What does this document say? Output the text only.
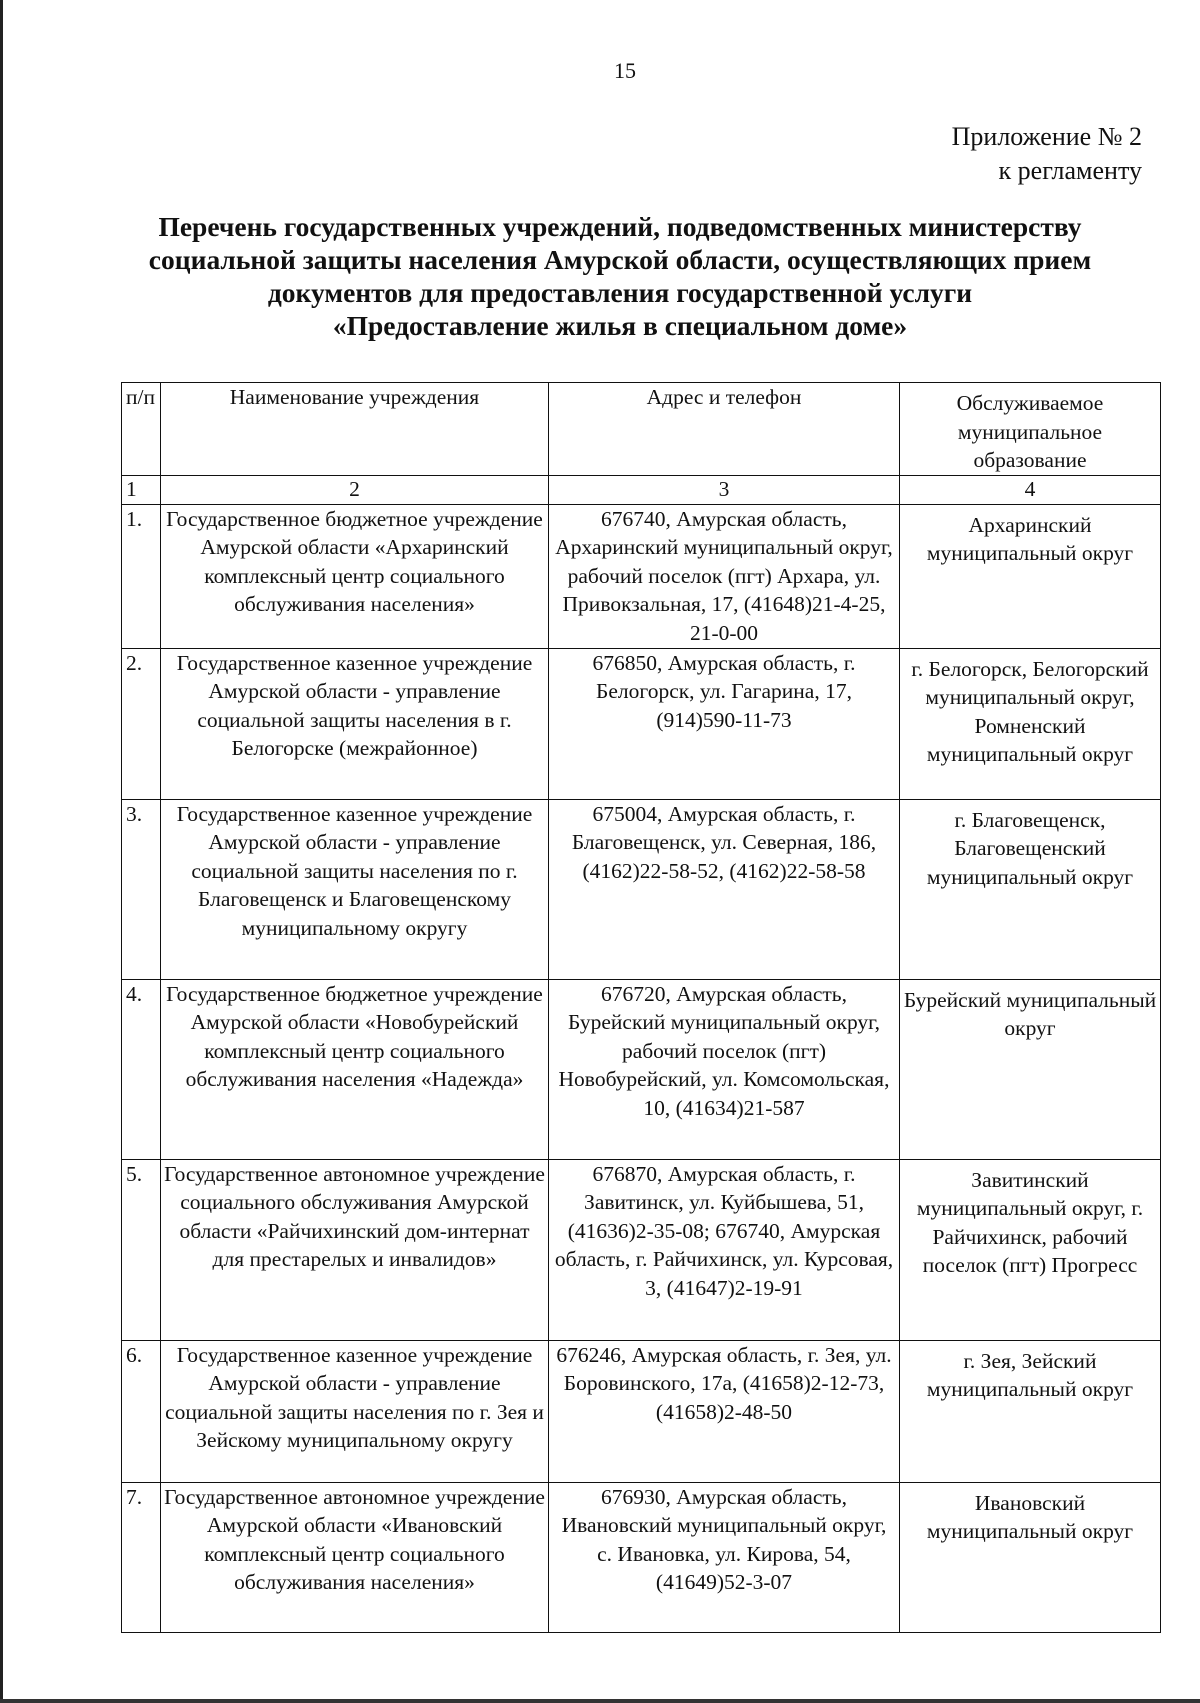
15
Приложение № 2
к регламенту
Перечень государственных учреждений, подведомственных министерству
социальной защиты населения Амурской области, осуществляющих прием
документов для предоставления государственной услуги
«Предоставление жилья в специальном доме»
п/п	Наименование учреждения	Адрес и телефон	Обслуживаемое муниципальное образование
1	2	3	4
1.	Государственное бюджетное учреждение Амурской области «Архаринский комплексный центр социального обслуживания населения»	676740, Амурская область, Архаринский муниципальный округ, рабочий поселок (пгт) Архара, ул. Привокзальная, 17, (41648)21-4-25, 21-0-00	Архаринский муниципальный округ
2.	Государственное казенное учреждение Амурской области - управление социальной защиты населения в г. Белогорске (межрайонное)	676850, Амурская область, г. Белогорск, ул. Гагарина, 17, (914)590-11-73	г. Белогорск, Белогорский муниципальный округ, Ромненский муниципальный округ
3.	Государственное казенное учреждение Амурской области - управление социальной защиты населения по г. Благовещенск и Благовещенскому муниципальному округу	675004, Амурская область, г. Благовещенск, ул. Северная, 186, (4162)22-58-52, (4162)22-58-58	г. Благовещенск, Благовещенский муниципальный округ
4.	Государственное бюджетное учреждение Амурской области «Новобурейский комплексный центр социального обслуживания населения «Надежда»	676720, Амурская область, Бурейский муниципальный округ, рабочий поселок (пгт) Новобурейский, ул. Комсомольская, 10, (41634)21-587	Бурейский муниципальный округ
5.	Государственное автономное учреждение социального обслуживания Амурской области «Райчихинский дом-интернат для престарелых и инвалидов»	676870, Амурская область, г. Завитинск, ул. Куйбышева, 51, (41636)2-35-08; 676740, Амурская область, г. Райчихинск, ул. Курсовая, 3, (41647)2-19-91	Завитинский муниципальный округ, г. Райчихинск, рабочий поселок (пгт) Прогресс
6.	Государственное казенное учреждение Амурской области - управление социальной защиты населения по г. Зея и Зейскому муниципальному округу	676246, Амурская область, г. Зея, ул. Боровинского, 17а, (41658)2-12-73, (41658)2-48-50	г. Зея, Зейский муниципальный округ
7.	Государственное автономное учреждение Амурской области «Ивановский комплексный центр социального обслуживания населения»	676930, Амурская область, Ивановский муниципальный округ, с. Ивановка, ул. Кирова, 54, (41649)52-3-07	Ивановский муниципальный округ
